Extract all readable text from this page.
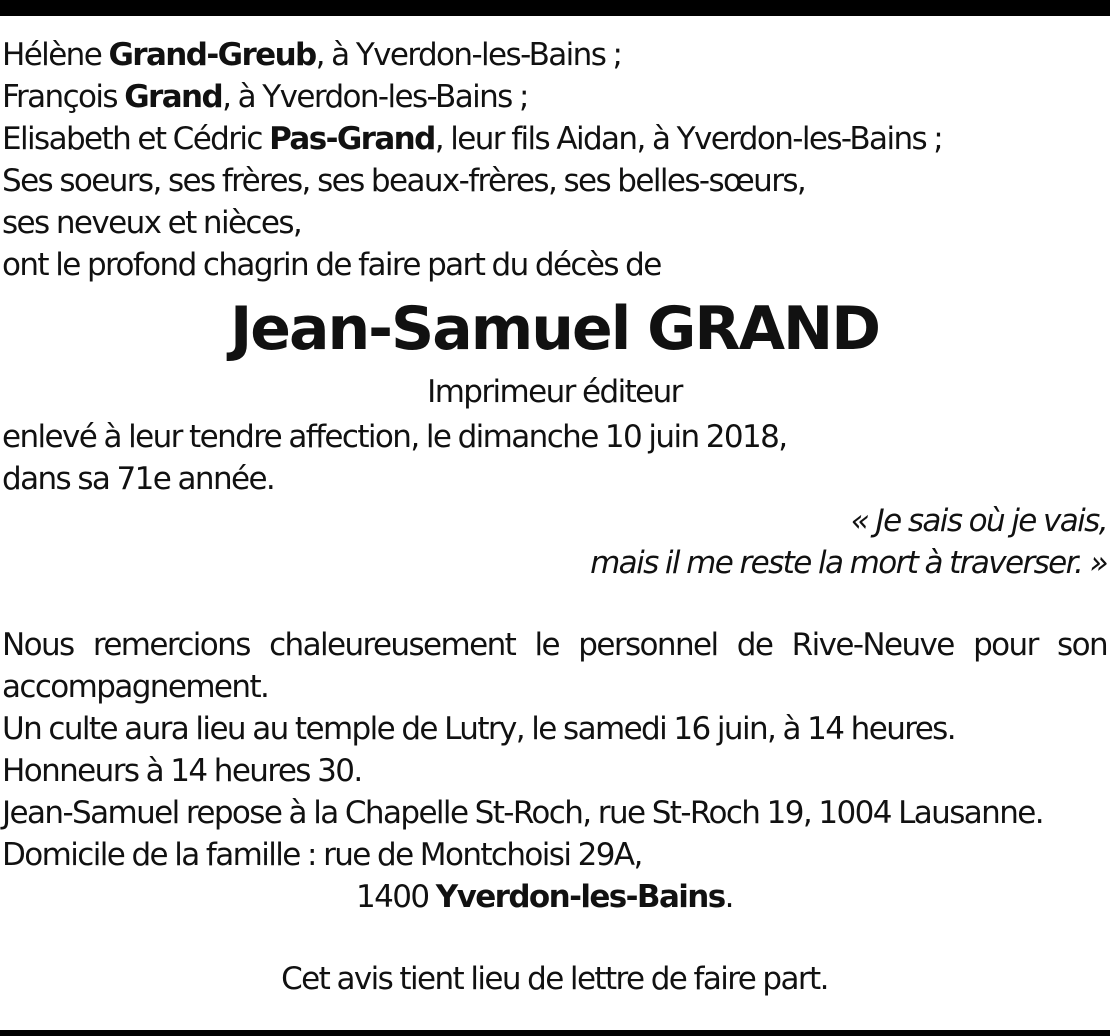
Hélène Grand-Greub, à Yverdon-les-Bains ;
François Grand, à Yverdon-les-Bains ;
Elisabeth et Cédric Pas-Grand, leur fils Aidan, à Yverdon-les-Bains ;
Ses soeurs, ses frères, ses beaux-frères, ses belles-sœurs,
ses neveux et nièces,
ont le profond chagrin de faire part du décès de
Jean-Samuel GRAND
Imprimeur éditeur
enlevé à leur tendre affection, le dimanche 10 juin 2018,
dans sa 71e année.
« Je sais où je vais,
mais il me reste la mort à traverser. »
Nous remercions chaleureusement le personnel de Rive-Neuve pour son
accompagnement.
Un culte aura lieu au temple de Lutry, le samedi 16 juin, à 14 heures.
Honneurs à 14 heures 30.
Jean-Samuel repose à la Chapelle St-Roch, rue St-Roch 19, 1004 Lausanne.
Domicile de la famille : rue de Montchoisi 29A,
1400 Yverdon-les-Bains.
Cet avis tient lieu de lettre de faire part.
